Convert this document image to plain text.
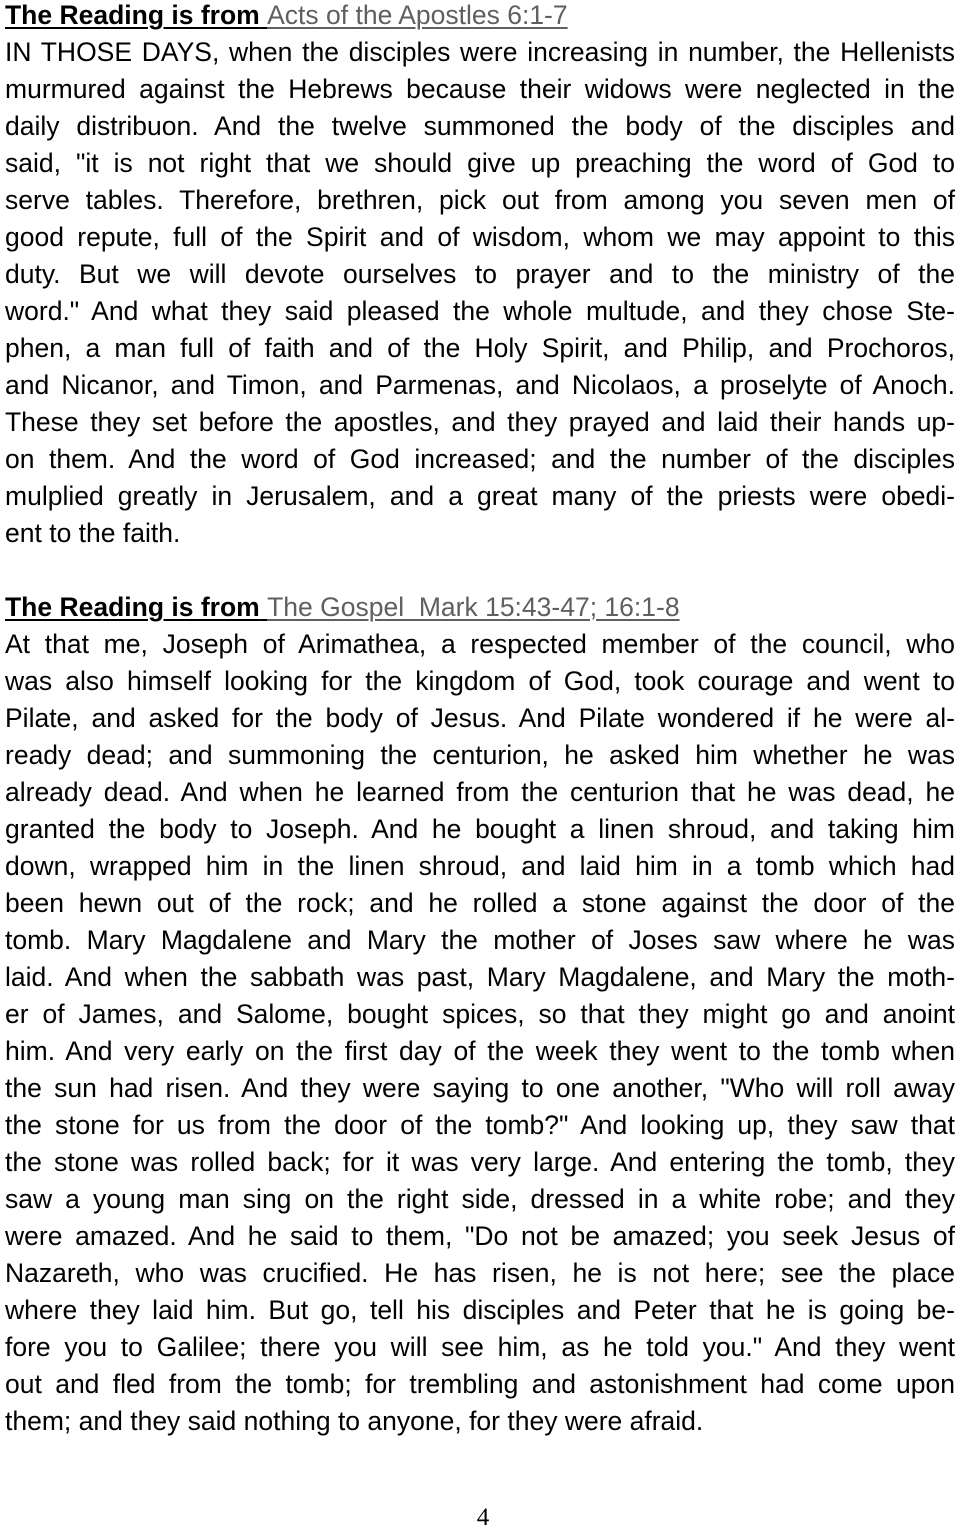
The Reading is from Acts of the Apostles 6:1-7
IN THOSE DAYS, when the disciples were increasing in number, the Hellenists
murmured against the Hebrews because their widows were neglected in the
daily distribuon. And the twelve summoned the body of the disciples and
said, "it is not right that we should give up preaching the word of God to
serve tables. Therefore, brethren, pick out from among you seven men of
good repute, full of the Spirit and of wisdom, whom we may appoint to this
duty. But we will devote ourselves to prayer and to the ministry of the
word." And what they said pleased the whole multude, and they chose Ste-
phen, a man full of faith and of the Holy Spirit, and Philip, and Prochoros,
and Nicanor, and Timon, and Parmenas, and Nicolaos, a proselyte of Anoch.
These they set before the apostles, and they prayed and laid their hands up-
on them. And the word of God increased; and the number of the disciples
mulplied greatly in Jerusalem, and a great many of the priests were obedi-
ent to the faith.
The Reading is from The Gospel  Mark 15:43-47; 16:1-8
At that me, Joseph of Arimathea, a respected member of the council, who
was also himself looking for the kingdom of God, took courage and went to
Pilate, and asked for the body of Jesus. And Pilate wondered if he were al-
ready dead; and summoning the centurion, he asked him whether he was
already dead. And when he learned from the centurion that he was dead, he
granted the body to Joseph. And he bought a linen shroud, and taking him
down, wrapped him in the linen shroud, and laid him in a tomb which had
been hewn out of the rock; and he rolled a stone against the door of the
tomb. Mary Magdalene and Mary the mother of Joses saw where he was
laid. And when the sabbath was past, Mary Magdalene, and Mary the moth-
er of James, and Salome, bought spices, so that they might go and anoint
him. And very early on the first day of the week they went to the tomb when
the sun had risen. And they were saying to one another, "Who will roll away
the stone for us from the door of the tomb?" And looking up, they saw that
the stone was rolled back; for it was very large. And entering the tomb, they
saw a young man sing on the right side, dressed in a white robe; and they
were amazed. And he said to them, "Do not be amazed; you seek Jesus of
Nazareth, who was crucified. He has risen, he is not here; see the place
where they laid him. But go, tell his disciples and Peter that he is going be-
fore you to Galilee; there you will see him, as he told you." And they went
out and fled from the tomb; for trembling and astonishment had come upon
them; and they said nothing to anyone, for they were afraid.
4
